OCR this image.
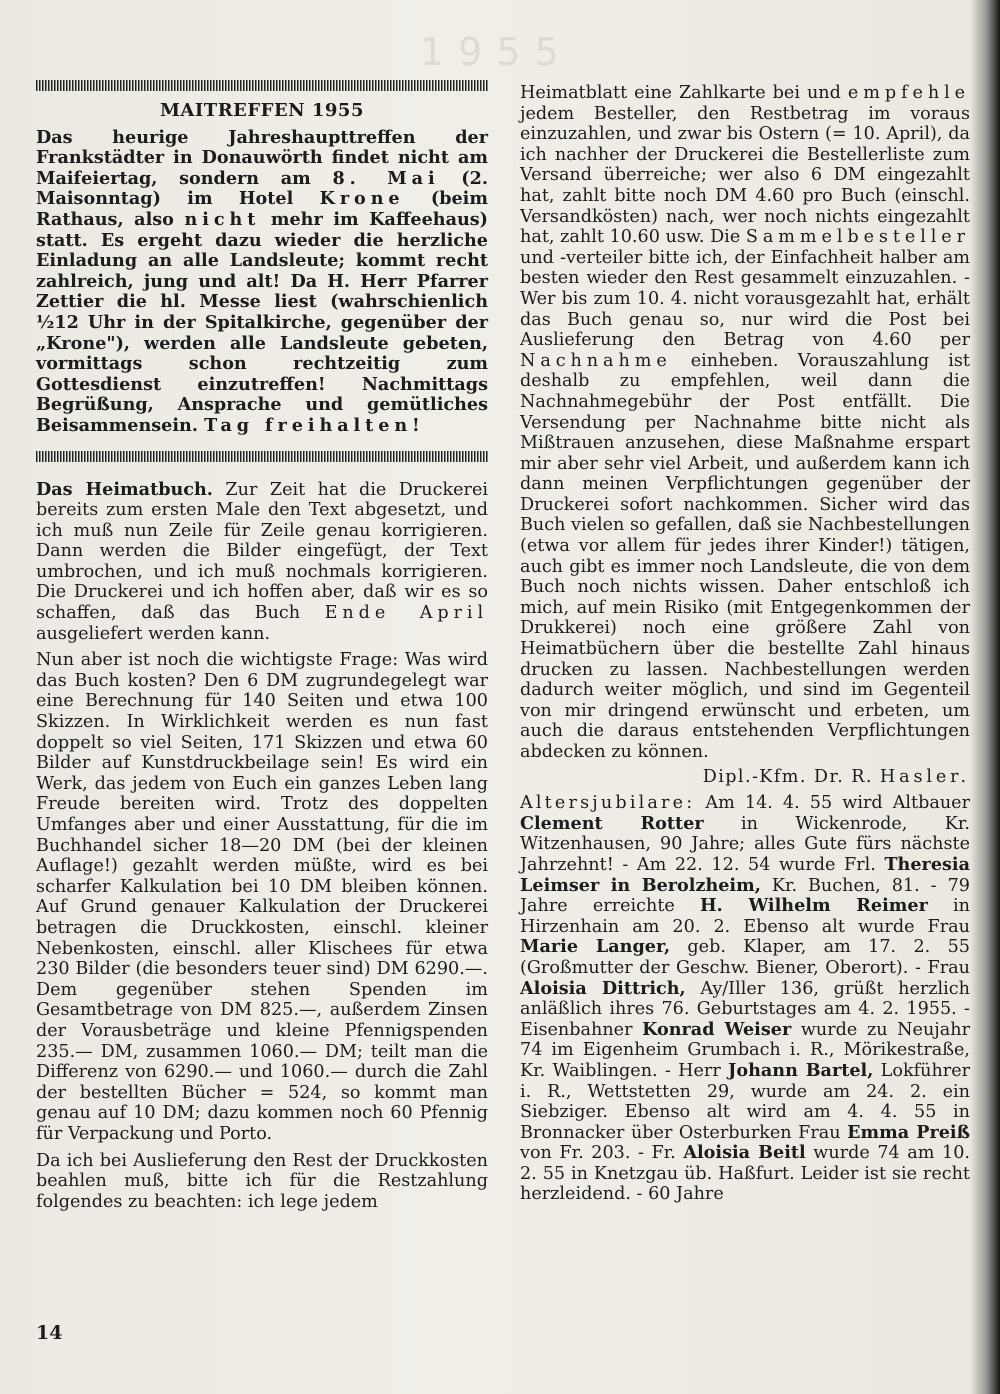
1955
MAITREFFEN 1955

Das heurige Jahreshaupttreffen der Frankstädter in Donauwörth findet nicht am Maifeiertag, sondern am 8. Mai (2. Maisonntag) im Hotel Krone (beim Rathaus, also nicht mehr im Kaffeehaus) statt. Es ergeht dazu wieder die herzliche Einladung an alle Landsleute; kommt recht zahlreich, jung und alt! Da H. Herr Pfarrer Zettier die hl. Messe liest (wahrschienlich ½12 Uhr in der Spitalkirche, gegenüber der „Krone"), werden alle Landsleute gebeten, vormittags schon rechtzeitig zum Gottesdienst einzutreffen! Nachmittags Begrüßung, Ansprache und gemütliches Beisammensein. Tag freihalten!

Das Heimatbuch. Zur Zeit hat die Druckerei bereits zum ersten Male den Text abgesetzt, und ich muß nun Zeile für Zeile genau korrigieren. Dann werden die Bilder eingefügt, der Text umbrochen, und ich muß nochmals korrigieren. Die Druckerei und ich hoffen aber, daß wir es so schaffen, daß das Buch Ende April ausgeliefert werden kann.

Nun aber ist noch die wichtigste Frage: Was wird das Buch kosten? Den 6 DM zugrundegelegt war eine Berechnung für 140 Seiten und etwa 100 Skizzen. In Wirklichkeit werden es nun fast doppelt so viel Seiten, 171 Skizzen und etwa 60 Bilder auf Kunstdruckbeilage sein! Es wird ein Werk, das jedem von Euch ein ganzes Leben lang Freude bereiten wird. Trotz des doppelten Umfanges aber und einer Ausstattung, für die im Buchhandel sicher 18—20 DM (bei der kleinen Auflage!) gezahlt werden müßte, wird es bei scharfer Kalkulation bei 10 DM bleiben können. Auf Grund genauer Kalkulation der Druckerei betragen die Druckkosten, einschl. kleiner Nebenkosten, einschl. aller Klischees für etwa 230 Bilder (die besonders teuer sind) DM 6290.—. Dem gegenüber stehen Spenden im Gesamtbetrage von DM 825.—, außerdem Zinsen der Vorausbeträge und kleine Pfennigspenden 235.— DM, zusammen 1060.— DM; teilt man die Differenz von 6290.— und 1060.— durch die Zahl der bestellten Bücher = 524, so kommt man genau auf 10 DM; dazu kommen noch 60 Pfennig für Verpackung und Porto.

Da ich bei Auslieferung den Rest der Druckkosten beahlen muß, bitte ich für die Restzahlung folgendes zu beachten: ich lege jedem

Heimatblatt eine Zahlkarte bei und empfehle jedem Besteller, den Restbetrag im voraus einzuzahlen, und zwar bis Ostern (= 10. April), da ich nachher der Druckerei die Bestellerliste zum Versand überreiche; wer also 6 DM eingezahlt hat, zahlt bitte noch DM 4.60 pro Buch (einschl. Versandkösten) nach, wer noch nichts eingezahlt hat, zahlt 10.60 usw. Die Sammelbesteller und -verteiler bitte ich, der Einfachheit halber am besten wieder den Rest gesammelt einzuzahlen. - Wer bis zum 10. 4. nicht vorausgezahlt hat, erhält das Buch genau so, nur wird die Post bei Auslieferung den Betrag von 4.60 per Nachnahme einheben. Vorauszahlung ist deshalb zu empfehlen, weil dann die Nachnahmegebühr der Post entfällt. Die Versendung per Nachnahme bitte nicht als Mißtrauen anzusehen, diese Maßnahme erspart mir aber sehr viel Arbeit, und außerdem kann ich dann meinen Verpflichtungen gegenüber der Druckerei sofort nachkommen. Sicher wird das Buch vielen so gefallen, daß sie Nachbestellungen (etwa vor allem für jedes ihrer Kinder!) tätigen, auch gibt es immer noch Landsleute, die von dem Buch noch nichts wissen. Daher entschloß ich mich, auf mein Risiko (mit Entgegenkommen der Drukkerei) noch eine größere Zahl von Heimatbüchern über die bestellte Zahl hinaus drucken zu lassen. Nachbestellungen werden dadurch weiter möglich, und sind im Gegenteil von mir dringend erwünscht und erbeten, um auch die daraus entstehenden Verpflichtungen abdecken zu können.

Dipl.-Kfm. Dr. R. Hasler.

Altersjubilare: Am 14. 4. 55 wird Altbauer Clement Rotter in Wickenrode, Kr. Witzenhausen, 90 Jahre; alles Gute fürs nächste Jahrzehnt! - Am 22. 12. 54 wurde Frl. Theresia Leimser in Berolzheim, Kr. Buchen, 81. - 79 Jahre erreichte H. Wilhelm Reimer in Hirzenhain am 20. 2. Ebenso alt wurde Frau Marie Langer, geb. Klaper, am 17. 2. 55 (Großmutter der Geschw. Biener, Oberort). - Frau Aloisia Dittrich, Ay/Iller 136, grüßt herzlich anläßlich ihres 76. Geburtstages am 4. 2. 1955. - Eisenbahner Konrad Weiser wurde zu Neujahr 74 im Eigenheim Grumbach i. R., Mörikestraße, Kr. Waiblingen. - Herr Johann Bartel, Lokführer i. R., Wettstetten 29, wurde am 24. 2. ein Siebziger. Ebenso alt wird am 4. 4. 55 in Bronnacker über Osterburken Frau Emma Preiß von Fr. 203. - Fr. Aloisia Beitl wurde 74 am 10. 2. 55 in Knetzgau üb. Haßfurt. Leider ist sie recht herzleidend. - 60 Jahre

14
